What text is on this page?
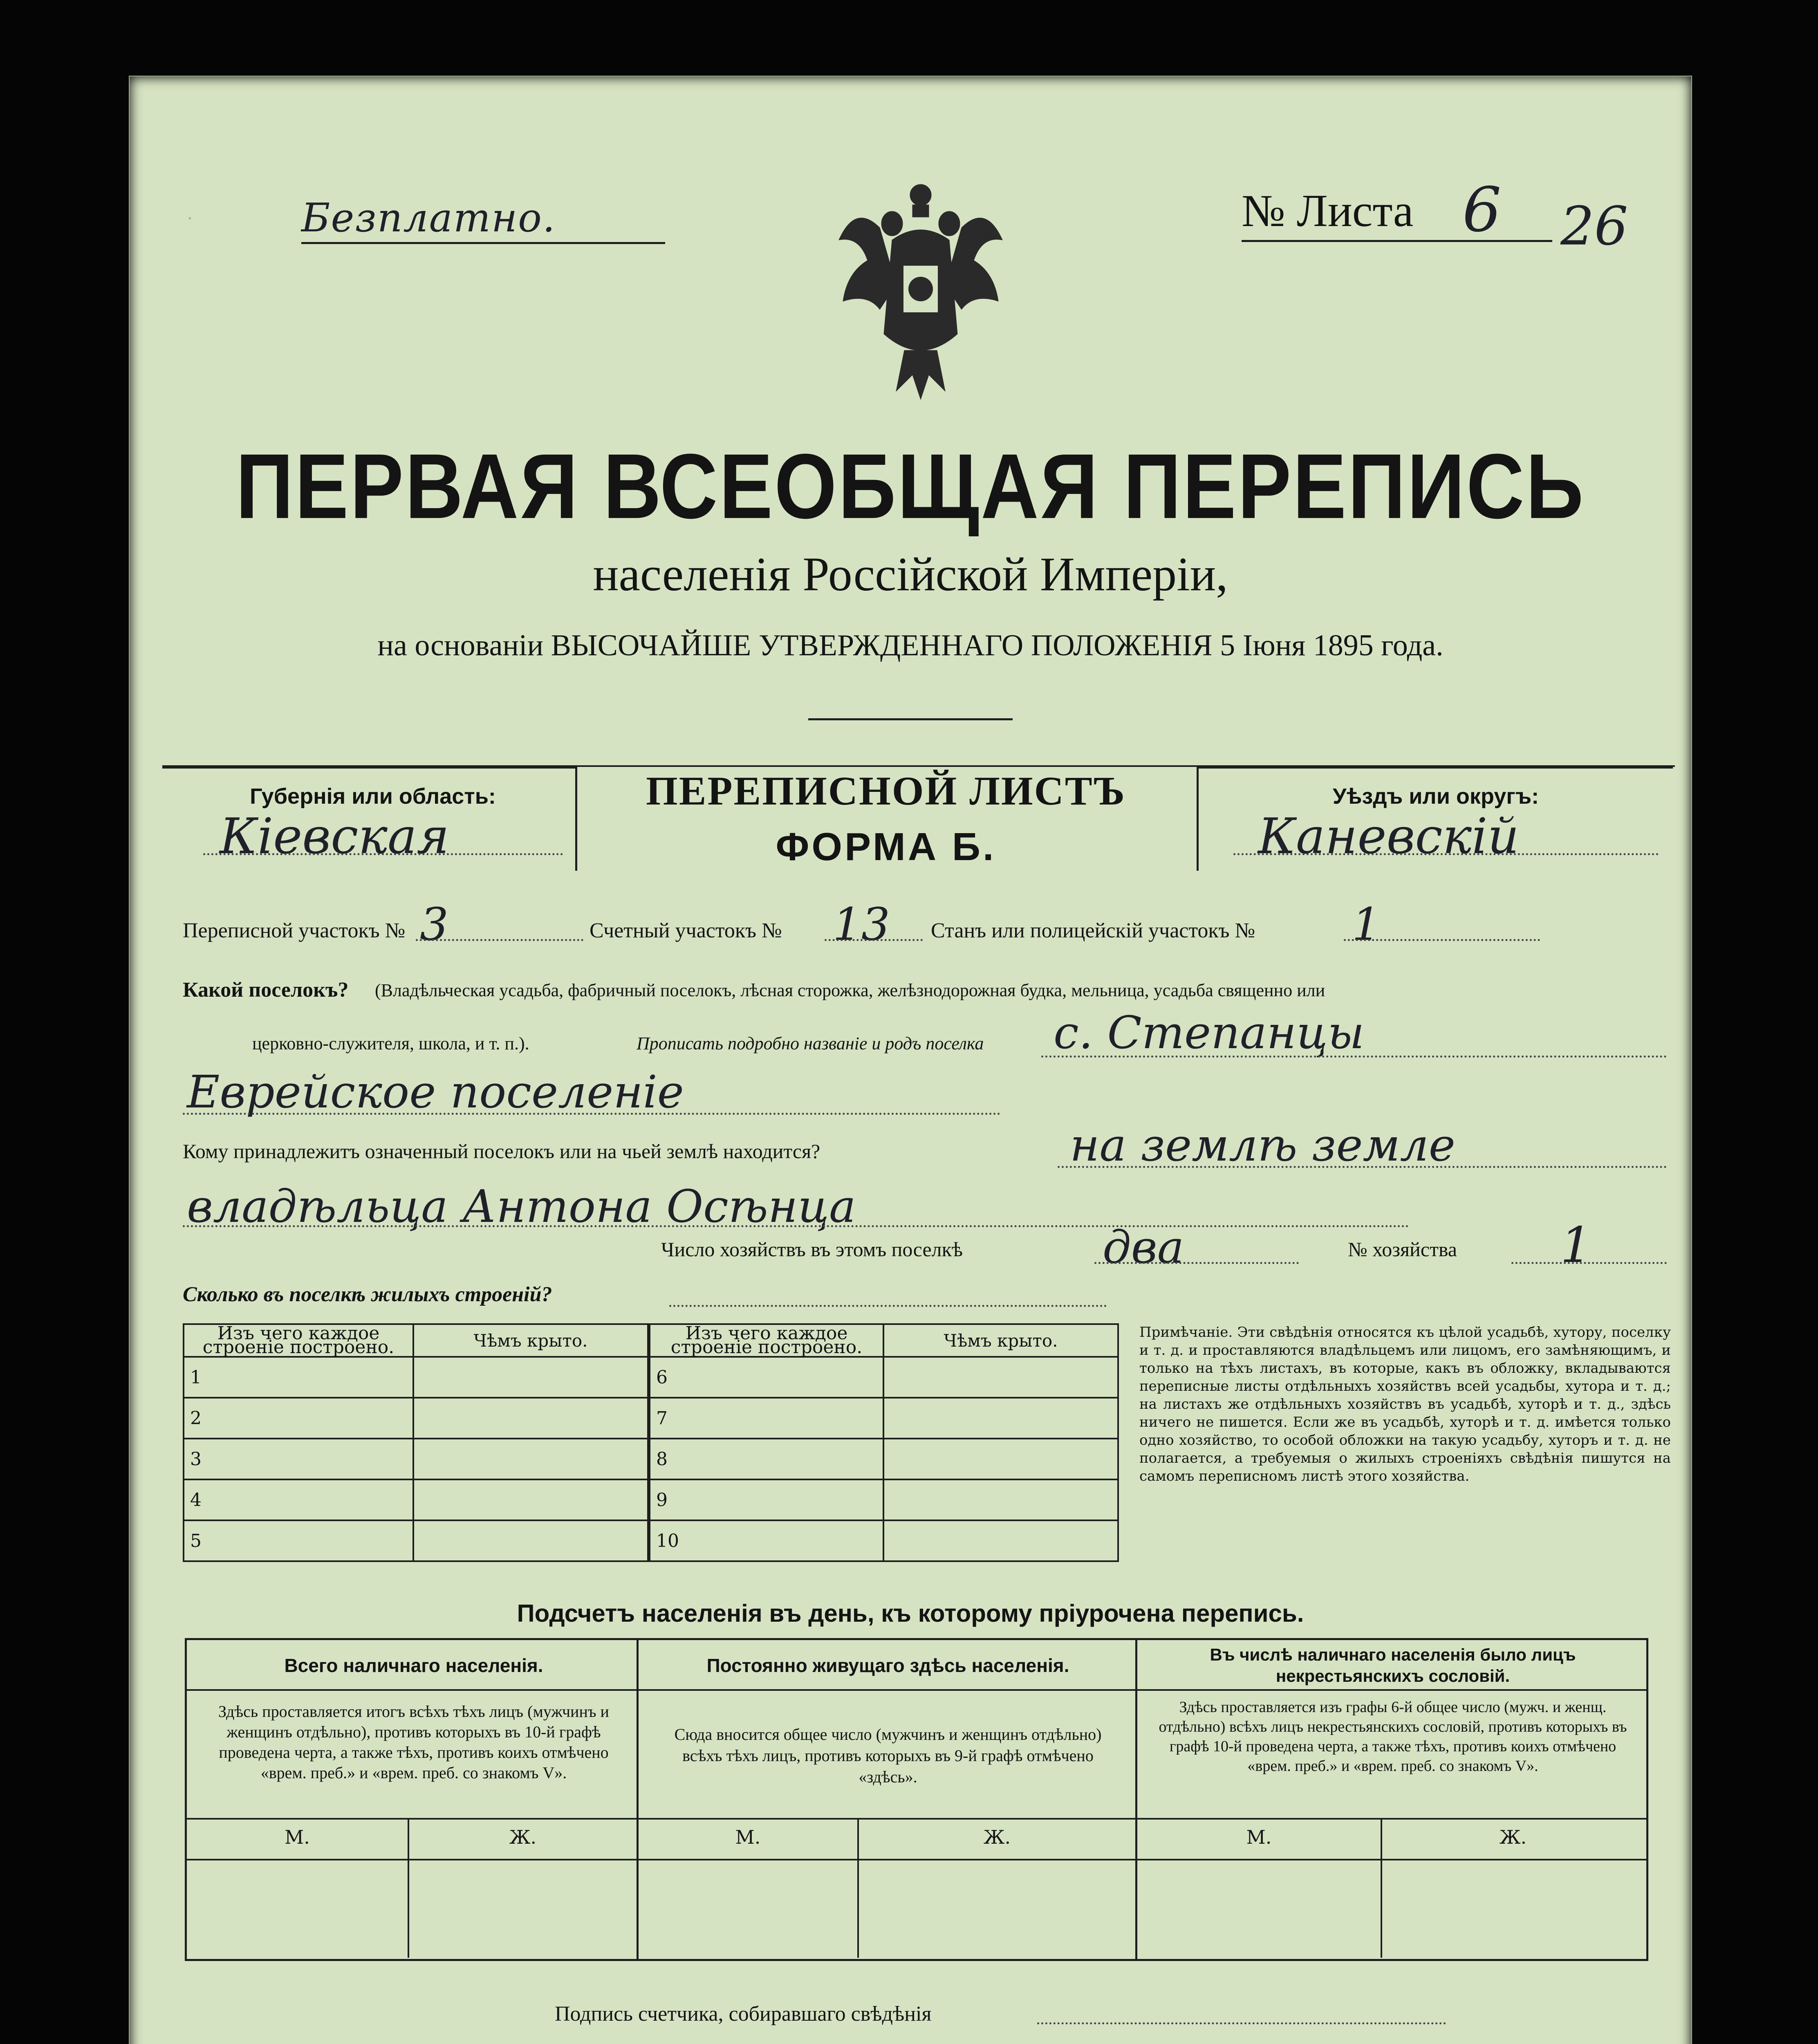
·	Безплатно.	№ Листа 6 26
ПЕРВАЯ ВСЕОБЩАЯ ПЕРЕПИСЬ
населенія Россійской Имперіи,
на основаніи ВЫСОЧАЙШЕ УТВЕРЖДЕННАГО ПОЛОЖЕНІЯ 5 Іюня 1895 года.
Губернія или область:
Кіевская
ПЕРЕПИСНОЙ ЛИСТЪ
ФОРМА Б.
Уѣздъ или округъ:
Каневскій
Переписной участокъ № 3	Счетный участокъ № 13 Станъ или полицейскій участокъ № 1
Какой поселокъ? (Владѣльческая усадьба, фабричный поселокъ, лѣсная сторожка, желѣзнодорожная будка, мельница, усадьба священно или
церковно-служителя, школа, и т. п.).	Прописать подробно названіе и родъ поселка с. Степанцы
Еврейское поселеніе
Кому принадлежитъ означенный поселокъ или на чьей землѣ находится?	на землѣ земле
владѣльца Антона Осѣнца
Число хозяйствъ въ этомъ поселкѣ	два	№ хозяйства 1
Сколько въ поселкѣ жилыхъ строеній?
Изъ чего каждое строеніе построено.	Чѣмъ крыто.
1	
2	
3	
4	
5	
Изъ чего каждое строеніе построено.	Чѣмъ крыто.
6	
7	
8	
9	
10	
Примѣчаніе. Эти свѣдѣнія относятся къ цѣлой усадьбѣ, хутору, поселку и т. д. и проставляются владѣльцемъ или лицомъ, его замѣняющимъ, и только на тѣхъ листахъ, въ которые, какъ въ обложку, вкладываются переписные листы отдѣльныхъ хозяйствъ всей усадьбы, хутора и т. д.; на листахъ же отдѣльныхъ хозяйствъ въ усадьбѣ, хуторѣ и т. д., здѣсь ничего не пишется. Если же въ усадьбѣ, хуторѣ и т. д. имѣется только одно хозяйство, то особой обложки на такую усадьбу, хуторъ и т. д. не полагается, а требуемыя о жилыхъ строеніяхъ свѣдѣнія пишутся на самомъ переписномъ листѣ этого хозяйства.
Подсчетъ населенія въ день, къ которому пріурочена перепись.
Всего наличнаго населенія.
Здѣсь проставляется итогъ всѣхъ тѣхъ лицъ (мужчинъ и женщинъ отдѣльно), противъ которыхъ въ 10-й графѣ проведена черта, а также тѣхъ, противъ коихъ отмѣчено «врем. преб.» и «врем. преб. со знакомъ V».
Постоянно живущаго здѣсь населенія.
Сюда вносится общее число (мужчинъ и женщинъ отдѣльно) всѣхъ тѣхъ лицъ, противъ которыхъ въ 9-й графѣ отмѣчено «здѣсь».
Въ числѣ наличнаго населенія было лицъ некрестьянскихъ сословій.
Здѣсь проставляется изъ графы 6-й общее число (мужч. и женщ. отдѣльно) всѣхъ лицъ некрестьянскихъ сословій, противъ которыхъ въ графѣ 10-й проведена черта, а также тѣхъ, противъ коихъ отмѣчено «врем. преб.» и «врем. преб. со знакомъ V».
М.	Ж.	М.	Ж.	М.	Ж.
Подпись счетчика, собиравшаго свѣдѣнія
